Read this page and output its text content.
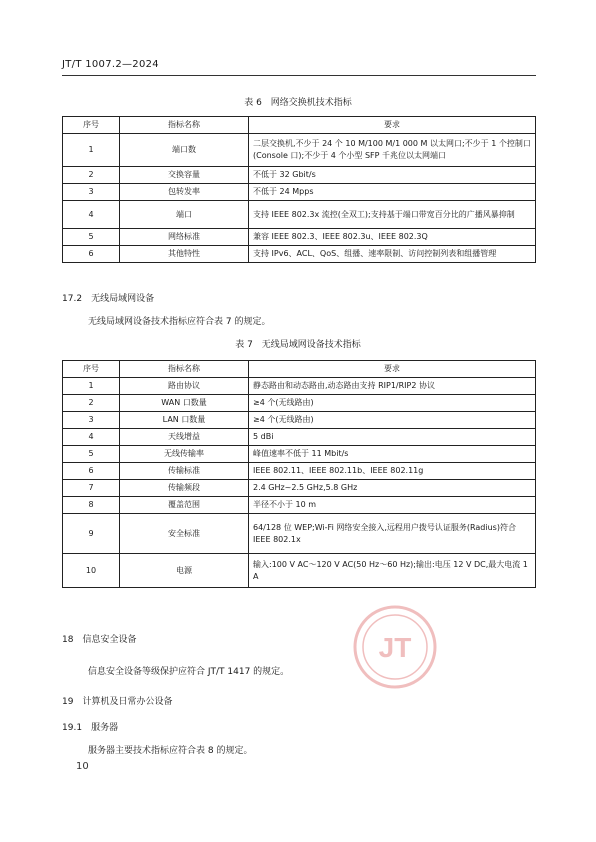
JT/T 1007.2—2024
表 6　网络交换机技术指标
序号	指标名称	要求
1	端口数	二层交换机,不少于 24 个 10 M/100 M/1 000 M 以太网口;不少于 1 个控制口(Console 口);不少于 4 个小型 SFP 千兆位以太网端口
2	交换容量	不低于 32 Gbit/s
3	包转发率	不低于 24 Mpps
4	端口	支持 IEEE 802.3x 流控(全双工);支持基于端口带宽百分比的广播风暴抑制
5	网络标准	兼容 IEEE 802.3、IEEE 802.3u、IEEE 802.3Q
6	其他特性	支持 IPv6、ACL、QoS、组播、速率限制、访问控制列表和组播管理
17.2　 无线局域网设备
无线局域网设备技术指标应符合表 7 的规定。
表 7　无线局域网设备技术指标
序号	指标名称	要求
1	路由协议	静态路由和动态路由,动态路由支持 RIP1/RIP2 协议
2	WAN 口数量	≥4 个(无线路由)
3	LAN 口数量	≥4 个(无线路由)
4	天线增益	5 dBi
5	无线传输率	峰值速率不低于 11 Mbit/s
6	传输标准	IEEE 802.11、IEEE 802.11b、IEEE 802.11g
7	传输频段	2.4 GHz~2.5 GHz,5.8 GHz
8	覆盖范围	半径不小于 10 m
9	安全标准	64/128 位 WEP;Wi-Fi 网络安全接入,远程用户拨号认证服务(Radius)符合 IEEE 802.1x
10	电源	输入:100 V AC～120 V AC(50 Hz～60 Hz);输出:电压 12 V DC,最大电流 1 A
18　 信息安全设备
信息安全设备等级保护应符合 JT/T 1417 的规定。
19　 计算机及日常办公设备
19.1　 服务器
服务器主要技术指标应符合表 8 的规定。
10
JT
